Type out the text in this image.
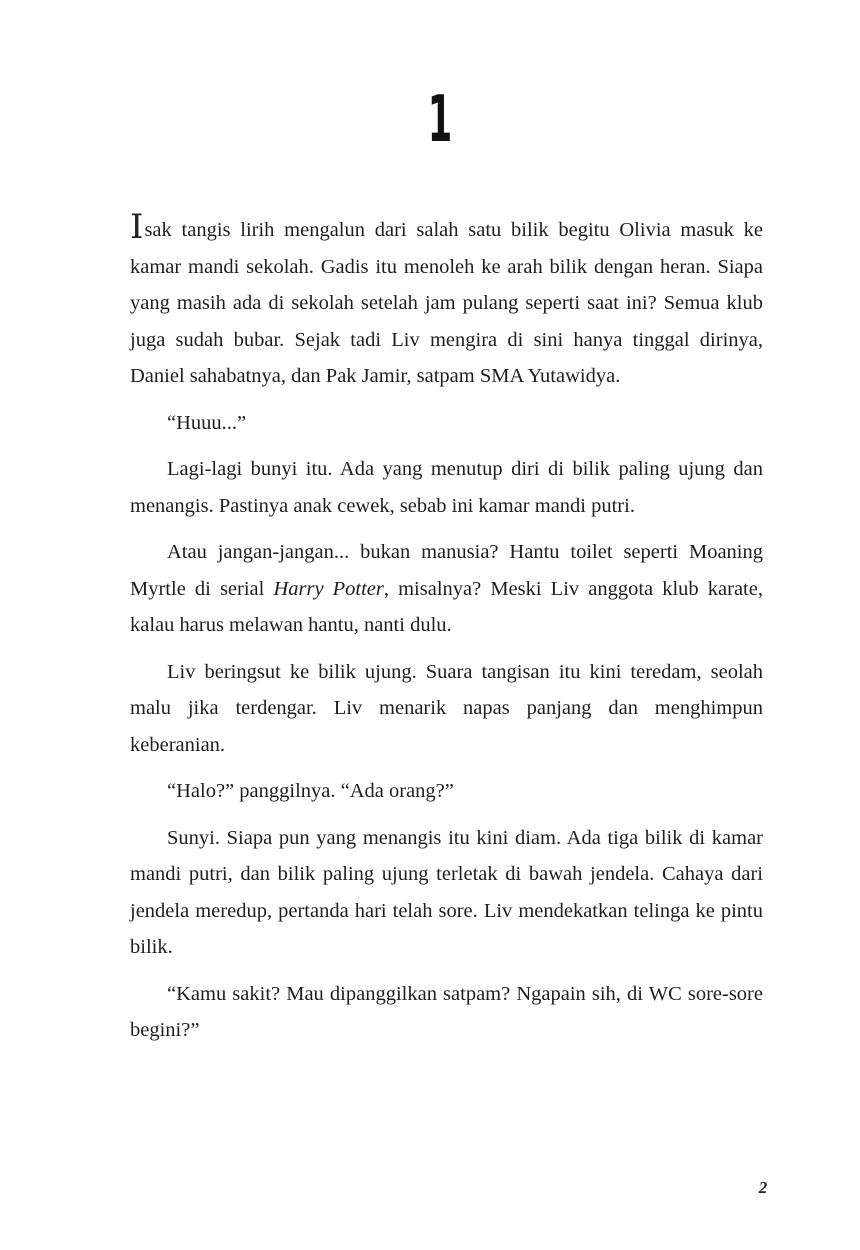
1

Isak tangis lirih mengalun dari salah satu bilik begitu Olivia masuk ke kamar mandi sekolah. Gadis itu menoleh ke arah bilik dengan heran. Siapa yang masih ada di sekolah setelah jam pulang seperti saat ini? Semua klub juga sudah bubar. Sejak tadi Liv mengira di sini hanya tinggal dirinya, Daniel sahabatnya, dan Pak Jamir, satpam SMA Yutawidya.

“Huuu...”

Lagi-lagi bunyi itu. Ada yang menutup diri di bilik paling ujung dan menangis. Pastinya anak cewek, sebab ini kamar mandi putri.

Atau jangan-jangan... bukan manusia? Hantu toilet seperti Moaning Myrtle di serial Harry Potter, misalnya? Meski Liv anggota klub karate, kalau harus melawan hantu, nanti dulu.

Liv beringsut ke bilik ujung. Suara tangisan itu kini teredam, seolah malu jika terdengar. Liv menarik napas panjang dan menghimpun keberanian.

“Halo?” panggilnya. “Ada orang?”

Sunyi. Siapa pun yang menangis itu kini diam. Ada tiga bilik di kamar mandi putri, dan bilik paling ujung terletak di bawah jendela. Cahaya dari jendela meredup, pertanda hari telah sore. Liv mendekatkan telinga ke pintu bilik.

“Kamu sakit? Mau dipanggilkan satpam? Ngapain sih, di WC sore-sore begini?”

2
